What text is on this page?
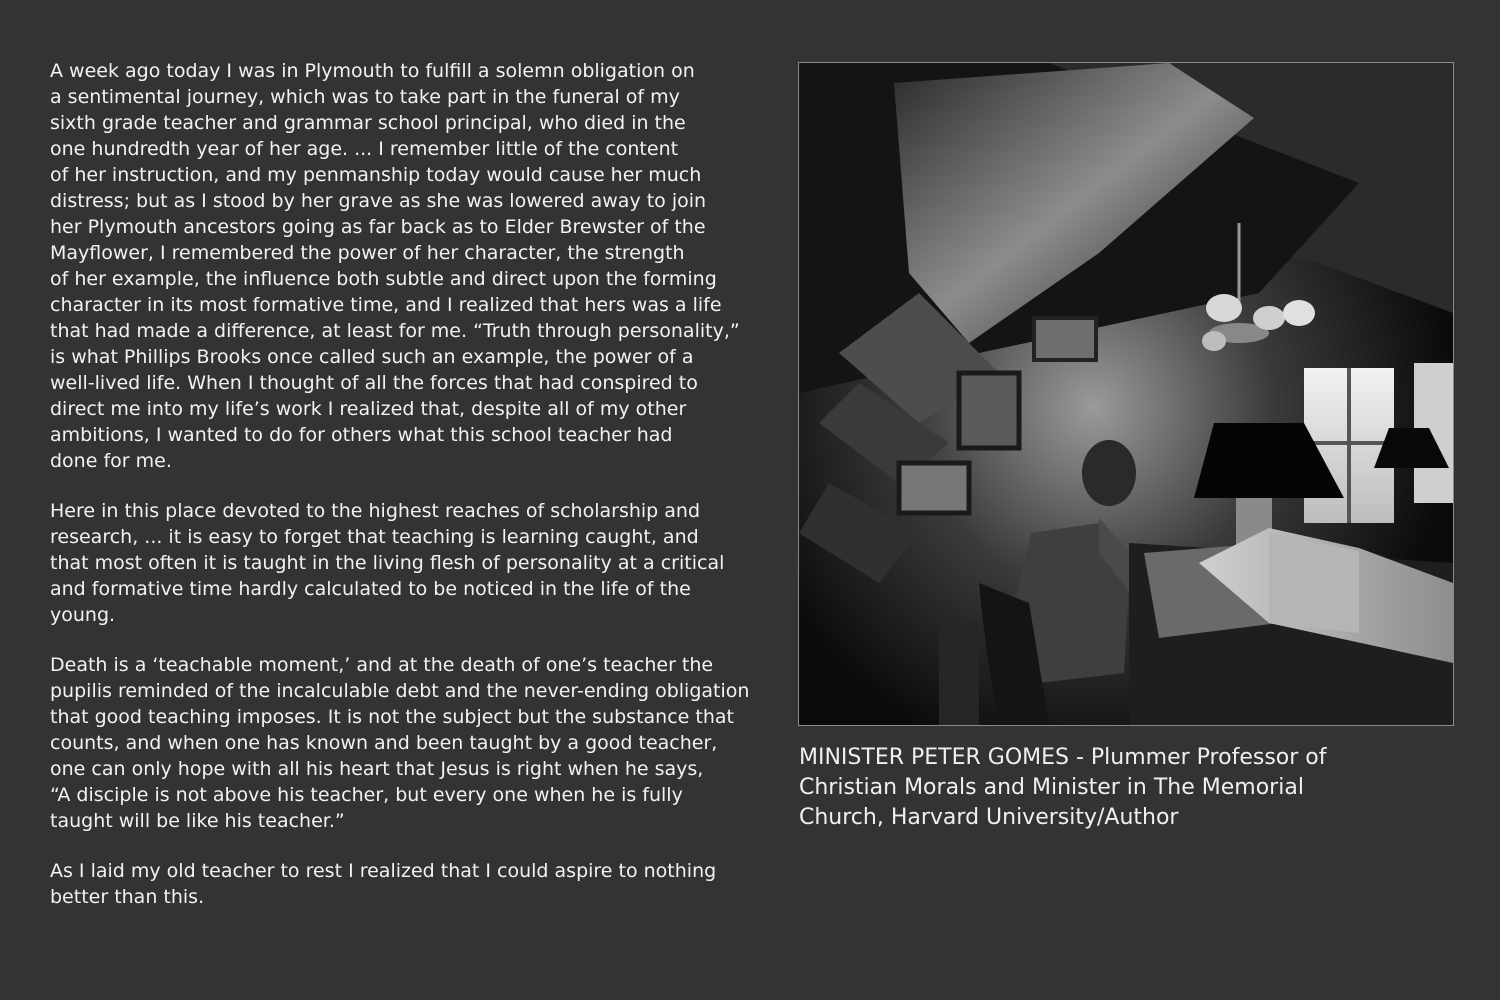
A week ago today I was in Plymouth to fulfill a solemn obligation on
a sentimental journey, which was to take part in the funeral of my
sixth grade teacher and grammar school principal, who died in the
one hundredth year of her age. ... I remember little of the content
of her instruction, and my penmanship today would cause her much
distress; but as I stood by her grave as she was lowered away to join
her Plymouth ancestors going as far back as to Elder Brewster of the
Mayflower, I remembered the power of her character, the strength
of her example, the influence both subtle and direct upon the forming
character in its most formative time, and I realized that hers was a life
that had made a difference, at least for me. “Truth through personality,”
is what Phillips Brooks once called such an example, the power of a
well-lived life. When I thought of all the forces that had conspired to
direct me into my life’s work I realized that, despite all of my other
ambitions, I wanted to do for others what this school teacher had
done for me.

Here in this place devoted to the highest reaches of scholarship and
research, ... it is easy to forget that teaching is learning caught, and
that most often it is taught in the living flesh of personality at a critical
and formative time hardly calculated to be noticed in the life of the
young.

Death is a ‘teachable moment,’ and at the death of one’s teacher the
pupilis reminded of the incalculable debt and the never-ending obligation
that good teaching imposes. It is not the subject but the substance that
counts, and when one has known and been taught by a good teacher,
one can only hope with all his heart that Jesus is right when he says,
“A disciple is not above his teacher, but every one when he is fully
taught will be like his teacher.”

As I laid my old teacher to rest I realized that I could aspire to nothing
better than this.

MINISTER PETER GOMES - Plummer Professor of
Christian Morals and Minister in The Memorial
Church, Harvard University/Author
